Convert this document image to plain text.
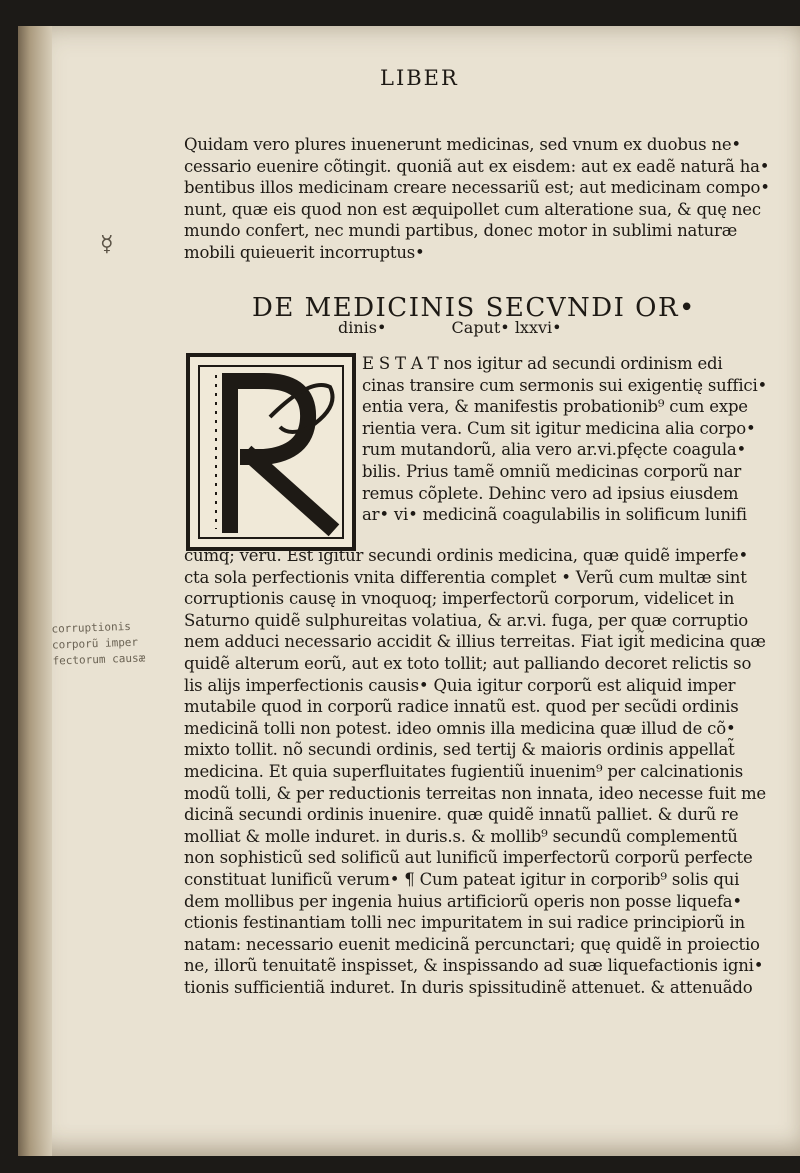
LIBER
Quidam vero plures inuenerunt medicinas, sed vnum ex duobus ne•
cessario euenire cõtingit. quoniã aut ex eisdem: aut ex eadẽ naturã ha•
bentibus illos medicinam creare necessariũ est; aut medicinam compo•
nunt, quæ eis quod non est æquipollet cum alteratione sua, & quę nec
mundo confert, nec mundi partibus, donec motor in sublimi naturæ
mobili quieuerit incorruptus•
☿
DE MEDICINIS SECVNDI OR•
dinis•	Caput• lxxvi•
E S T A T nos igitur ad secundi ordinism edi
cinas transire cum sermonis sui exigentię suffici•
entia vera, & manifestis probationib⁹ cum expe
rientia vera. Cum sit igitur medicina alia corpo•
rum mutandorũ, alia vero ar.vi.pfęcte coagula•
bilis. Prius tamẽ omniũ medicinas corporũ nar
remus cõplete. Dehinc vero ad ipsius eiusdem
ar• vi• medicinã coagulabilis in solificum lunifi
cumq; verũ. Est igitur secundi ordinis medicina, quæ quidẽ imperfe•
cta sola perfectionis vnita differentia complet • Verũ cum multæ sint
corruptionis causę in vnoquoq; imperfectorũ corporum, videlicet in
Saturno quidẽ sulphureitas volatiua, & ar.vi. fuga, per quæ corruptio
nem adduci necessario accidit & illius terreitas. Fiat igit̃ medicina quæ
quidẽ alterum eorũ, aut ex toto tollit; aut palliando decoret relictis so
lis alijs imperfectionis causis• Quia igitur corporũ est aliquid imper
mutabile quod in corporũ radice innatũ est. quod per secũdi ordinis
medicinã tolli non potest. ideo omnis illa medicina quæ illud de cõ•
mixto tollit. nõ secundi ordinis, sed tertij & maioris ordinis appellat̃
medicina. Et quia superfluitates fugientiũ inuenim⁹ per calcinationis
modũ tolli, & per reductionis terreitas non innata, ideo necesse fuit me
dicinã secundi ordinis inuenire. quæ quidẽ innatũ palliet. & durũ re
molliat & molle induret. in duris.s. & mollib⁹ secundũ complementũ
non sophisticũ sed solificũ aut lunificũ imperfectorũ corporũ perfecte
constituat lunificũ verum• ¶ Cum pateat igitur in corporib⁹ solis qui
dem mollibus per ingenia huius artificiorũ operis non posse liquefa•
ctionis festinantiam tolli nec impuritatem in sui radice principiorũ in
natam: necessario euenit medicinã percunctari; quę quidẽ in proiectio
ne, illorũ tenuitatẽ inspisset, & inspissando ad suæ liquefactionis igni•
tionis sufficientiã induret. In duris spissitudinẽ attenuet. & attenuãdo
corruptionis
corporũ imper
fectorum causæ
